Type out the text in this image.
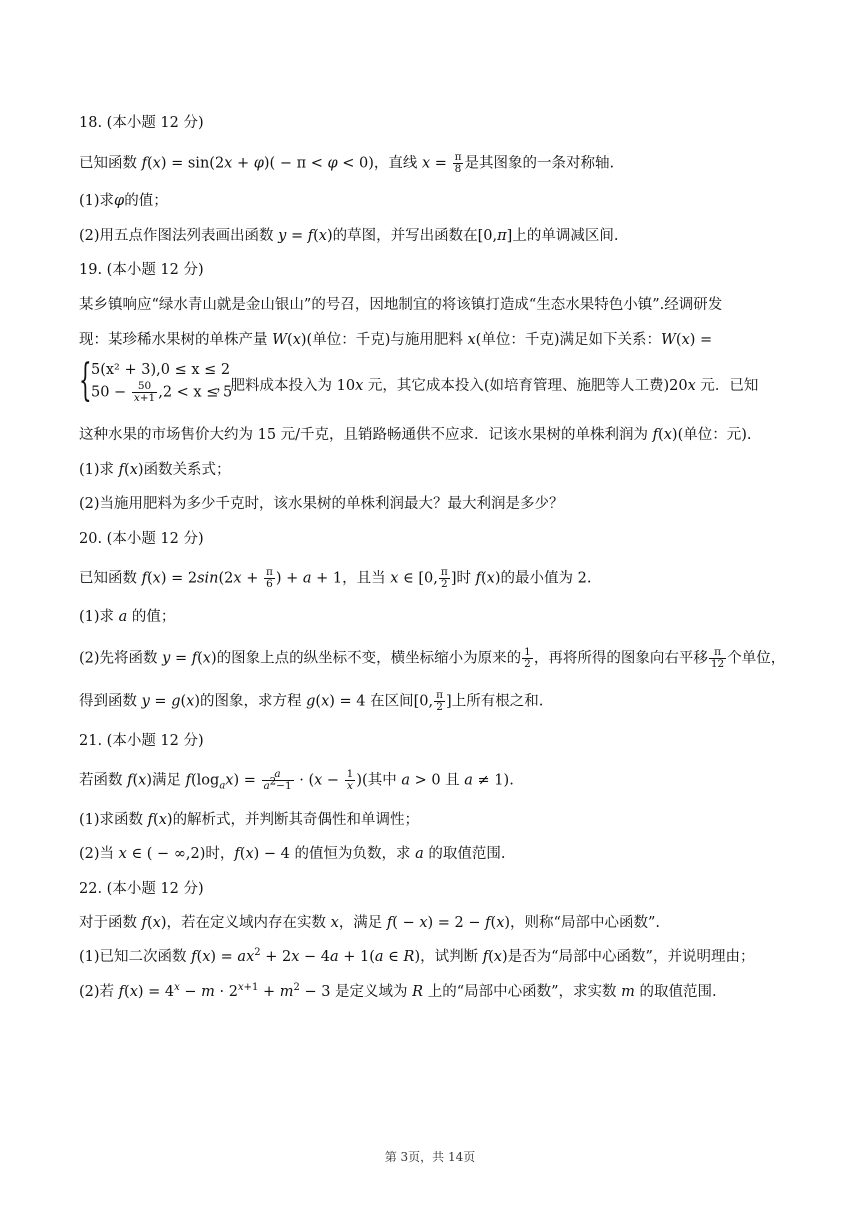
18. (本小题 12 分)
已知函数 f(x) = sin(2x + φ)( − π < φ < 0)，直线 $x = \frac{\pi}{8}$ 是其图象的一条对称轴.
(1)求φ的值；
(2)用五点作图法列表画出函数 y = f(x)的草图，并写出函数在[0,π]上的单调减区间.
19. (本小题 12 分)
某乡镇响应“绿水青山就是金山银山”的号召，因地制宜的将该镇打造成“生态水果特色小镇”.经调研发
现：某珍稀水果树的单株产量 W(x)(单位：千克)与施用肥料 x(单位：千克)满足如下关系：W(x) =
{ 5(x² + 3),0 ≤ x ≤ 2
$50 - \frac{50}{x+1} ,2 < x \le 5$
，肥料成本投入为 10x 元，其它成本投入(如培育管理、施肥等人工费)20x 元．已知
这种水果的市场售价大约为 15 元/千克，且销路畅通供不应求．记该水果树的单株利润为 f(x)(单位：元).
(1)求 f(x)函数关系式；
(2)当施用肥料为多少千克时，该水果树的单株利润最大？最大利润是多少？
20. (本小题 12 分)
已知函数 $f(x) = 2\sin(2x + \frac{\pi}{6}$ ) + a + 1，且当 x ∈ [0, $\frac{\pi}{2}$ ]时 f(x)的最小值为 2.
(1)求 a 的值；
(2)先将函数 y = f(x)的图象上点的纵坐标不变，横坐标缩小为原来的 $\frac{1}{2}$ ，再将所得的图象向右平移 $\frac{\pi}{12}$ 个单位，
得到函数 y = g(x)的图象，求方程 g(x) = 4 在区间[0, $\frac{\pi}{2}$ ]上所有根之和.
21. (本小题 12 分)
若函数 f(x)满足 $f(\log_ax) = \frac{a}{a^2-1} \cdot (x - \frac{1}{x}$ )(其中 a > 0 且 a ≠ 1).
(1)求函数 f(x)的解析式，并判断其奇偶性和单调性；
(2)当 x ∈ ( − ∞,2)时，f(x) − 4 的值恒为负数，求 a 的取值范围.
22. (本小题 12 分)
对于函数 f(x)，若在定义域内存在实数 x，满足 f( − x) = 2 − f(x)，则称“局部中心函数”.
(1)已知二次函数 $f(x) = ax^2 + 2x - 4a + 1(a$ ∈ R)，试判断 f(x)是否为“局部中心函数”，并说明理由；
(2)若 $f(x) = 4^x - m \cdot 2^{x+1} + m^2 - 3$ 是定义域为 R 上的“局部中心函数”，求实数 m 的取值范围.
第 3页，共 14页
